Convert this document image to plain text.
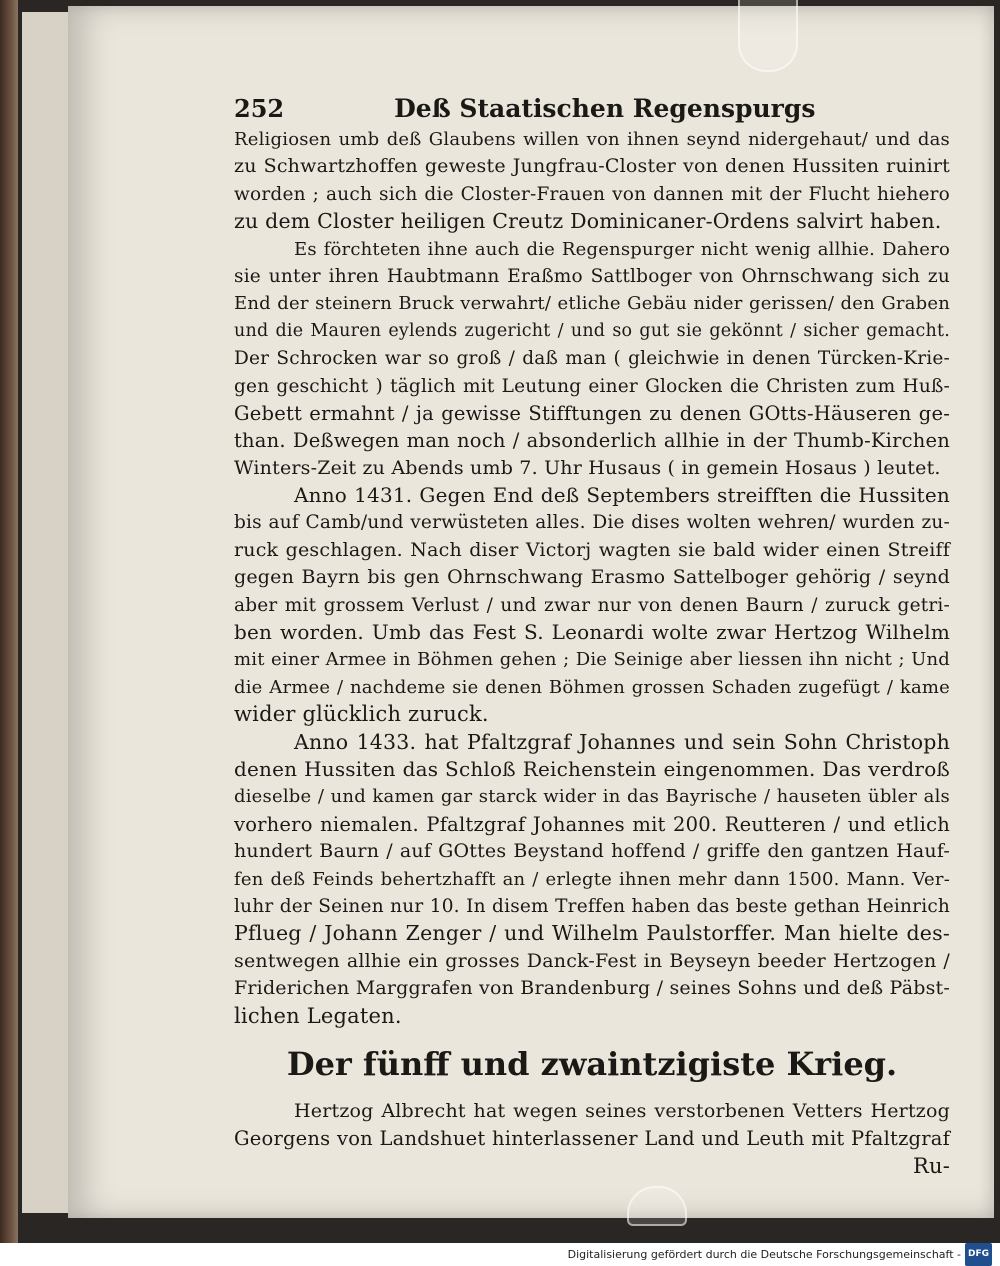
252	Deß Staatischen Regenspurgs
Religiosen umb deß Glaubens willen von ihnen seynd nidergehaut/ und das
zu Schwartzhoffen geweste Jungfrau-Closter von denen Hussiten ruinirt
worden ; auch sich die Closter-Frauen von dannen mit der Flucht hiehero
zu dem Closter heiligen Creutz Dominicaner-Ordens salvirt haben.
Es förchteten ihne auch die Regenspurger nicht wenig allhie. Dahero
sie unter ihren Haubtmann Eraßmo Sattlboger von Ohrnschwang sich zu
End der steinern Bruck verwahrt/ etliche Gebäu nider gerissen/ den Graben
und die Mauren eylends zugericht / und so gut sie gekönnt / sicher gemacht.
Der Schrocken war so groß / daß man ( gleichwie in denen Türcken-Krie-
gen geschicht ) täglich mit Leutung einer Glocken die Christen zum Huß-
Gebett ermahnt / ja gewisse Stifftungen zu denen GOtts-Häuseren ge-
than. Deßwegen man noch / absonderlich allhie in der Thumb-Kirchen
Winters-Zeit zu Abends umb 7. Uhr Husaus ( in gemein Hosaus ) leutet.
Anno 1431. Gegen End deß Septembers streifften die Hussiten
bis auf Camb/und verwüsteten alles. Die dises wolten wehren/ wurden zu-
ruck geschlagen. Nach diser Victorj wagten sie bald wider einen Streiff
gegen Bayrn bis gen Ohrnschwang Erasmo Sattelboger gehörig / seynd
aber mit grossem Verlust / und zwar nur von denen Baurn / zuruck getri-
ben worden. Umb das Fest S. Leonardi wolte zwar Hertzog Wilhelm
mit einer Armee in Böhmen gehen ; Die Seinige aber liessen ihn nicht ; Und
die Armee / nachdeme sie denen Böhmen grossen Schaden zugefügt / kame
wider glücklich zuruck.
Anno 1433. hat Pfaltzgraf Johannes und sein Sohn Christoph
denen Hussiten das Schloß Reichenstein eingenommen. Das verdroß
dieselbe / und kamen gar starck wider in das Bayrische / hauseten übler als
vorhero niemalen. Pfaltzgraf Johannes mit 200. Reutteren / und etlich
hundert Baurn / auf GOttes Beystand hoffend / griffe den gantzen Hauf-
fen deß Feinds behertzhafft an / erlegte ihnen mehr dann 1500. Mann. Ver-
luhr der Seinen nur 10. In disem Treffen haben das beste gethan Heinrich
Pflueg / Johann Zenger / und Wilhelm Paulstorffer. Man hielte des-
sentwegen allhie ein grosses Danck-Fest in Beyseyn beeder Hertzogen /
Friderichen Marggrafen von Brandenburg / seines Sohns und deß Päbst-
lichen Legaten.
Der fünff und zwaintzigiste Krieg.
Hertzog Albrecht hat wegen seines verstorbenen Vetters Hertzog
Georgens von Landshuet hinterlassener Land und Leuth mit Pfaltzgraf
Ru-
Digitalisierung gefördert durch die Deutsche Forschungsgemeinschaft - DFG
